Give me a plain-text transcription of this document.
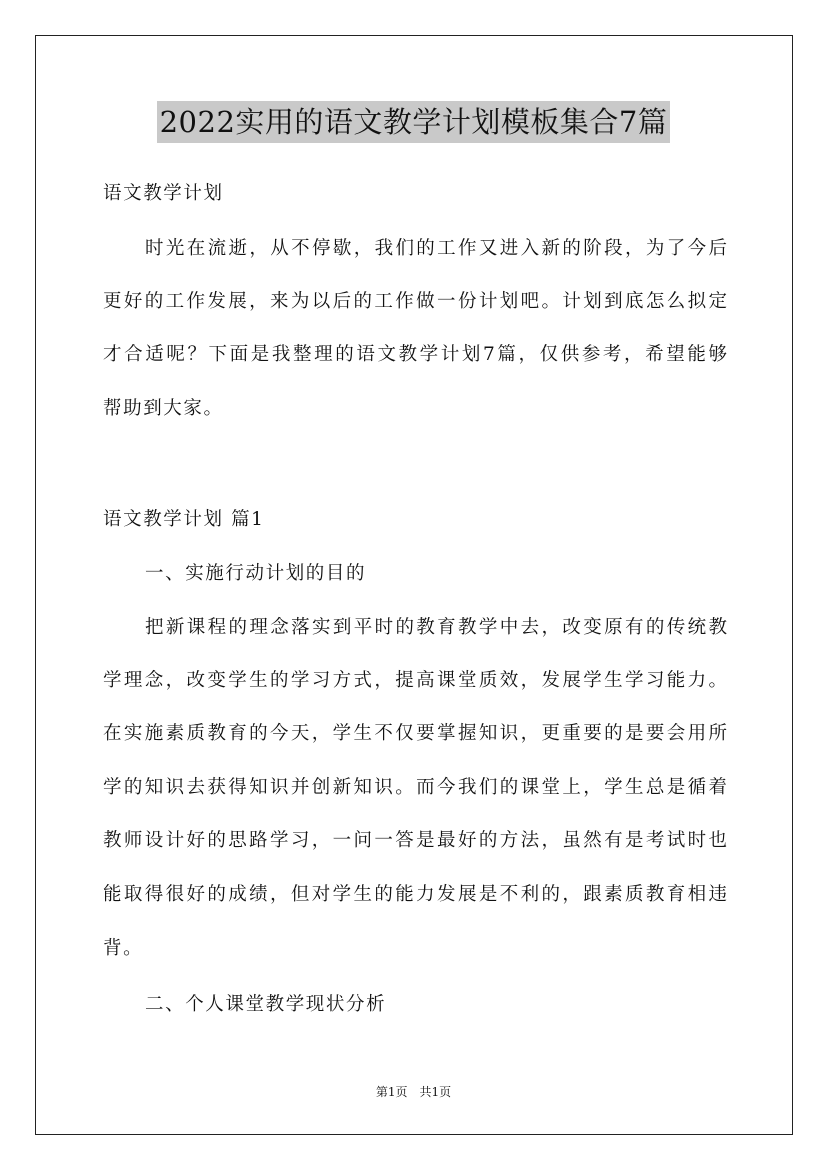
2022实用的语文教学计划模板集合7篇
语文教学计划
时光在流逝，从不停歇，我们的工作又进入新的阶段，为了今后
更好的工作发展，来为以后的工作做一份计划吧。计划到底怎么拟定
才合适呢？下面是我整理的语文教学计划7篇，仅供参考，希望能够
帮助到大家。
语文教学计划 篇1
一、实施行动计划的目的
把新课程的理念落实到平时的教育教学中去，改变原有的传统教
学理念，改变学生的学习方式，提高课堂质效，发展学生学习能力。
在实施素质教育的今天，学生不仅要掌握知识，更重要的是要会用所
学的知识去获得知识并创新知识。而今我们的课堂上，学生总是循着
教师设计好的思路学习，一问一答是最好的方法，虽然有是考试时也
能取得很好的成绩，但对学生的能力发展是不利的，跟素质教育相违
背。
二、个人课堂教学现状分析
第1页　共1页
